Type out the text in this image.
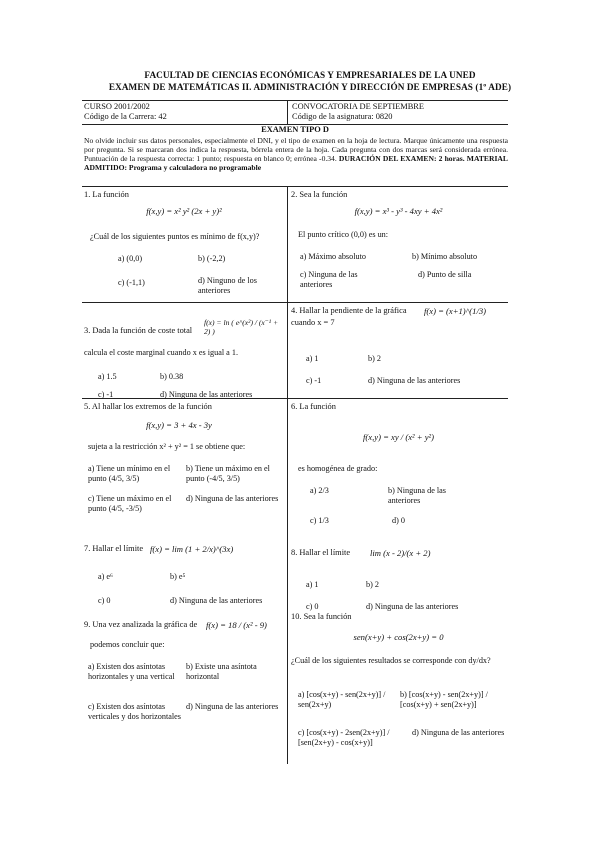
FACULTAD DE CIENCIAS ECONÓMICAS Y EMPRESARIALES DE LA UNED
EXAMEN DE MATEMÁTICAS II. ADMINISTRACIÓN Y DIRECCIÓN DE EMPRESAS (1º ADE)
CURSO 2001/2002
Código de la Carrera: 42
CONVOCATORIA DE SEPTIEMBRE
Código de la asignatura: 0820
EXAMEN TIPO D
No olvide incluir sus datos personales, especialmente el DNI, y el tipo de examen en la hoja de lectura. Marque únicamente una respuesta por pregunta. Si se marcaran dos indica la respuesta, bórrela entera de la hoja. Cada pregunta con dos marcas será considerada errónea. Puntuación de la respuesta correcta: 1 punto; respuesta en blanco 0; errónea -0.34. DURACIÓN DEL EXAMEN: 2 horas. MATERIAL ADMITIDO: Programa y calculadora no programable
1. La función
f(x,y) = x² y² (2x + y)²
¿Cuál de los siguientes puntos es mínimo de f(x,y)?
a) (0,0)	b) (-2,2)
c) (-1,1)	d) Ninguno de los anteriores
2. Sea la función
f(x,y) = x³ - y³ - 4xy + 4x²
El punto crítico (0,0) es un:
a) Máximo absoluto	b) Mínimo absoluto
c) Ninguna de las anteriores
d) Punto de silla
3. Dada la función de coste total
f(x) = ln ( e^(x²) / (x⁻¹ + 2) )
calcula el coste marginal cuando x es igual a 1.
a) 1.5	b) 0.38
c) -1	d) Ninguna de las anteriores
4. Hallar la pendiente de la gráfica f(x) = (x+1)^(1/3)
cuando x = 7
a) 1	b) 2
c) -1	d) Ninguna de las anteriores
5. Al hallar los extremos de la función
f(x,y) = 3 + 4x - 3y
sujeta a la restricción x² + y² = 1 se obtiene que:
a) Tiene un mínimo en el punto (4/5, 3/5)
b) Tiene un máximo en el punto (-4/5, 3/5)
c) Tiene un máximo en el punto (4/5, -3/5)
d) Ninguna de las anteriores
6. La función
f(x,y) = xy / (x² + y²)
es homogénea de grado:
a) 2/3	b) Ninguna de las anteriores
c) 1/3	d) 0
7. Hallar el límite f(x) = lim (1 + 2/x)^(3x)
a) e⁶	b) e⁵
c) 0	d) Ninguna de las anteriores
8. Hallar el límite lim (x - 2)/(x + 2)
a) 1	b) 2
c) 0	d) Ninguna de las anteriores
9. Una vez analizada la gráfica de f(x) = 18 / (x² - 9)
podemos concluir que:
a) Existen dos asíntotas horizontales y una vertical
b) Existe una asíntota horizontal
c) Existen dos asíntotas verticales y dos horizontales
d) Ninguna de las anteriores
10. Sea la función
sen(x+y) + cos(2x+y) = 0
¿Cuál de los siguientes resultados se corresponde con dy/dx?
a) [cos(x+y) - sen(2x+y)] / sen(2x+y)
b) [cos(x+y) - sen(2x+y)] / [cos(x+y) + sen(2x+y)]
c) [cos(x+y) - 2sen(2x+y)] / [sen(2x+y) - cos(x+y)]
d) Ninguna de las anteriores
